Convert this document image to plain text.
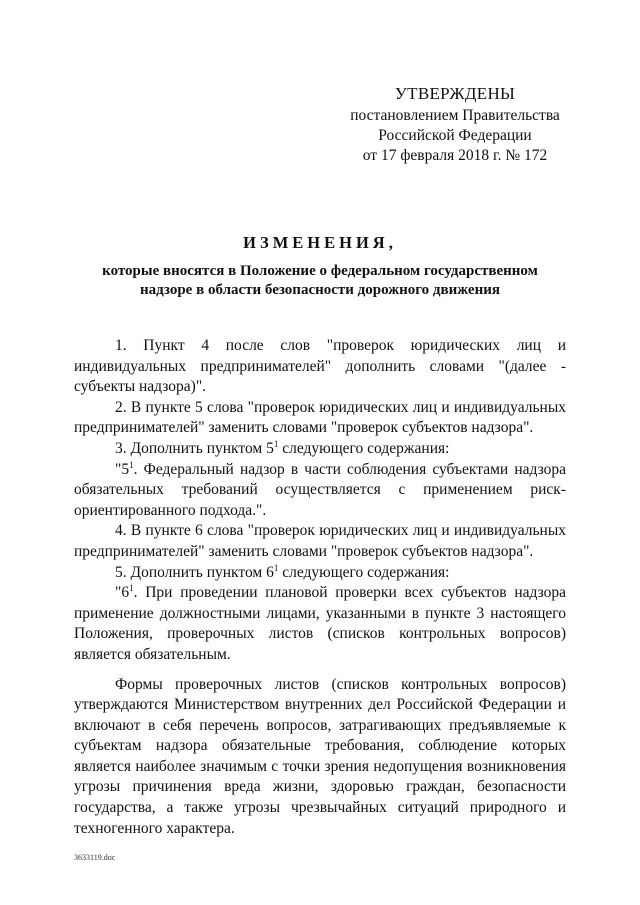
УТВЕРЖДЕНЫ
постановлением Правительства
Российской Федерации
от 17 февраля 2018 г. № 172
ИЗМЕНЕНИЯ,
которые вносятся в Положение о федеральном государственном
надзоре в области безопасности дорожного движения

1. Пункт 4 после слов "проверок юридических лиц и индивидуальных предпринимателей" дополнить словами "(далее - субъекты надзора)".

2. В пункте 5 слова "проверок юридических лиц и индивидуальных предпринимателей" заменить словами "проверок субъектов надзора".

3. Дополнить пунктом $5^1$ следующего содержания:

"$5^1$. Федеральный надзор в части соблюдения субъектами надзора обязательных требований осуществляется с применением риск-ориентированного подхода.".

4. В пункте 6 слова "проверок юридических лиц и индивидуальных предпринимателей" заменить словами "проверок субъектов надзора".

5. Дополнить пунктом $6^1$ следующего содержания:

"$6^1$. При проведении плановой проверки всех субъектов надзора применение должностными лицами, указанными в пункте 3 настоящего Положения, проверочных листов (списков контрольных вопросов) является обязательным.

Формы проверочных листов (списков контрольных вопросов) утверждаются Министерством внутренних дел Российской Федерации и включают в себя перечень вопросов, затрагивающих предъявляемые к субъектам надзора обязательные требования, соблюдение которых является наиболее значимым с точки зрения недопущения возникновения угрозы причинения вреда жизни, здоровью граждан, безопасности государства, а также угрозы чрезвычайных ситуаций природного и техногенного характера.

3633119.doc
